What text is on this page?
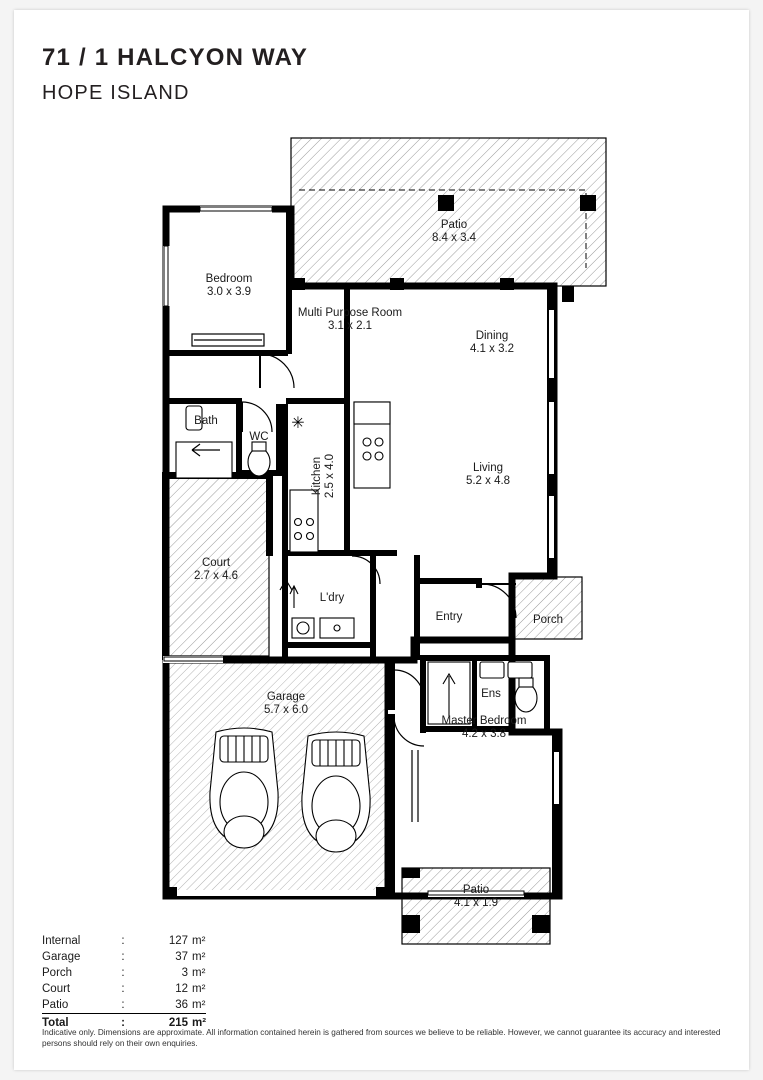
71 / 1 HALCYON WAY
HOPE ISLAND
✳
Patio
8.4 x 3.4
Bedroom
3.0 x 3.9
Multi Purpose Room
3.1 x 2.1
Dining
4.1 x 3.2
Living
5.2 x 4.8
Kitchen 2.5 x 4.0
Bath
WC
Court
2.7 x 4.6
L'dry
Entry	Porch
Ens
Garage
5.7 x 6.0
Master Bedroom
4.2 x 3.8
Patio
4.1 x 1.9
Internal	:	127	m²
Garage	:	37	m²
Porch	:	3	m²
Court	:	12	m²
Patio	:	36	m²
Total	:	215	m²
Indicative only. Dimensions are approximate. All information contained herein is gathered from sources we believe to be reliable. However, we cannot guarantee its accuracy and interested persons should rely on their own enquiries.
